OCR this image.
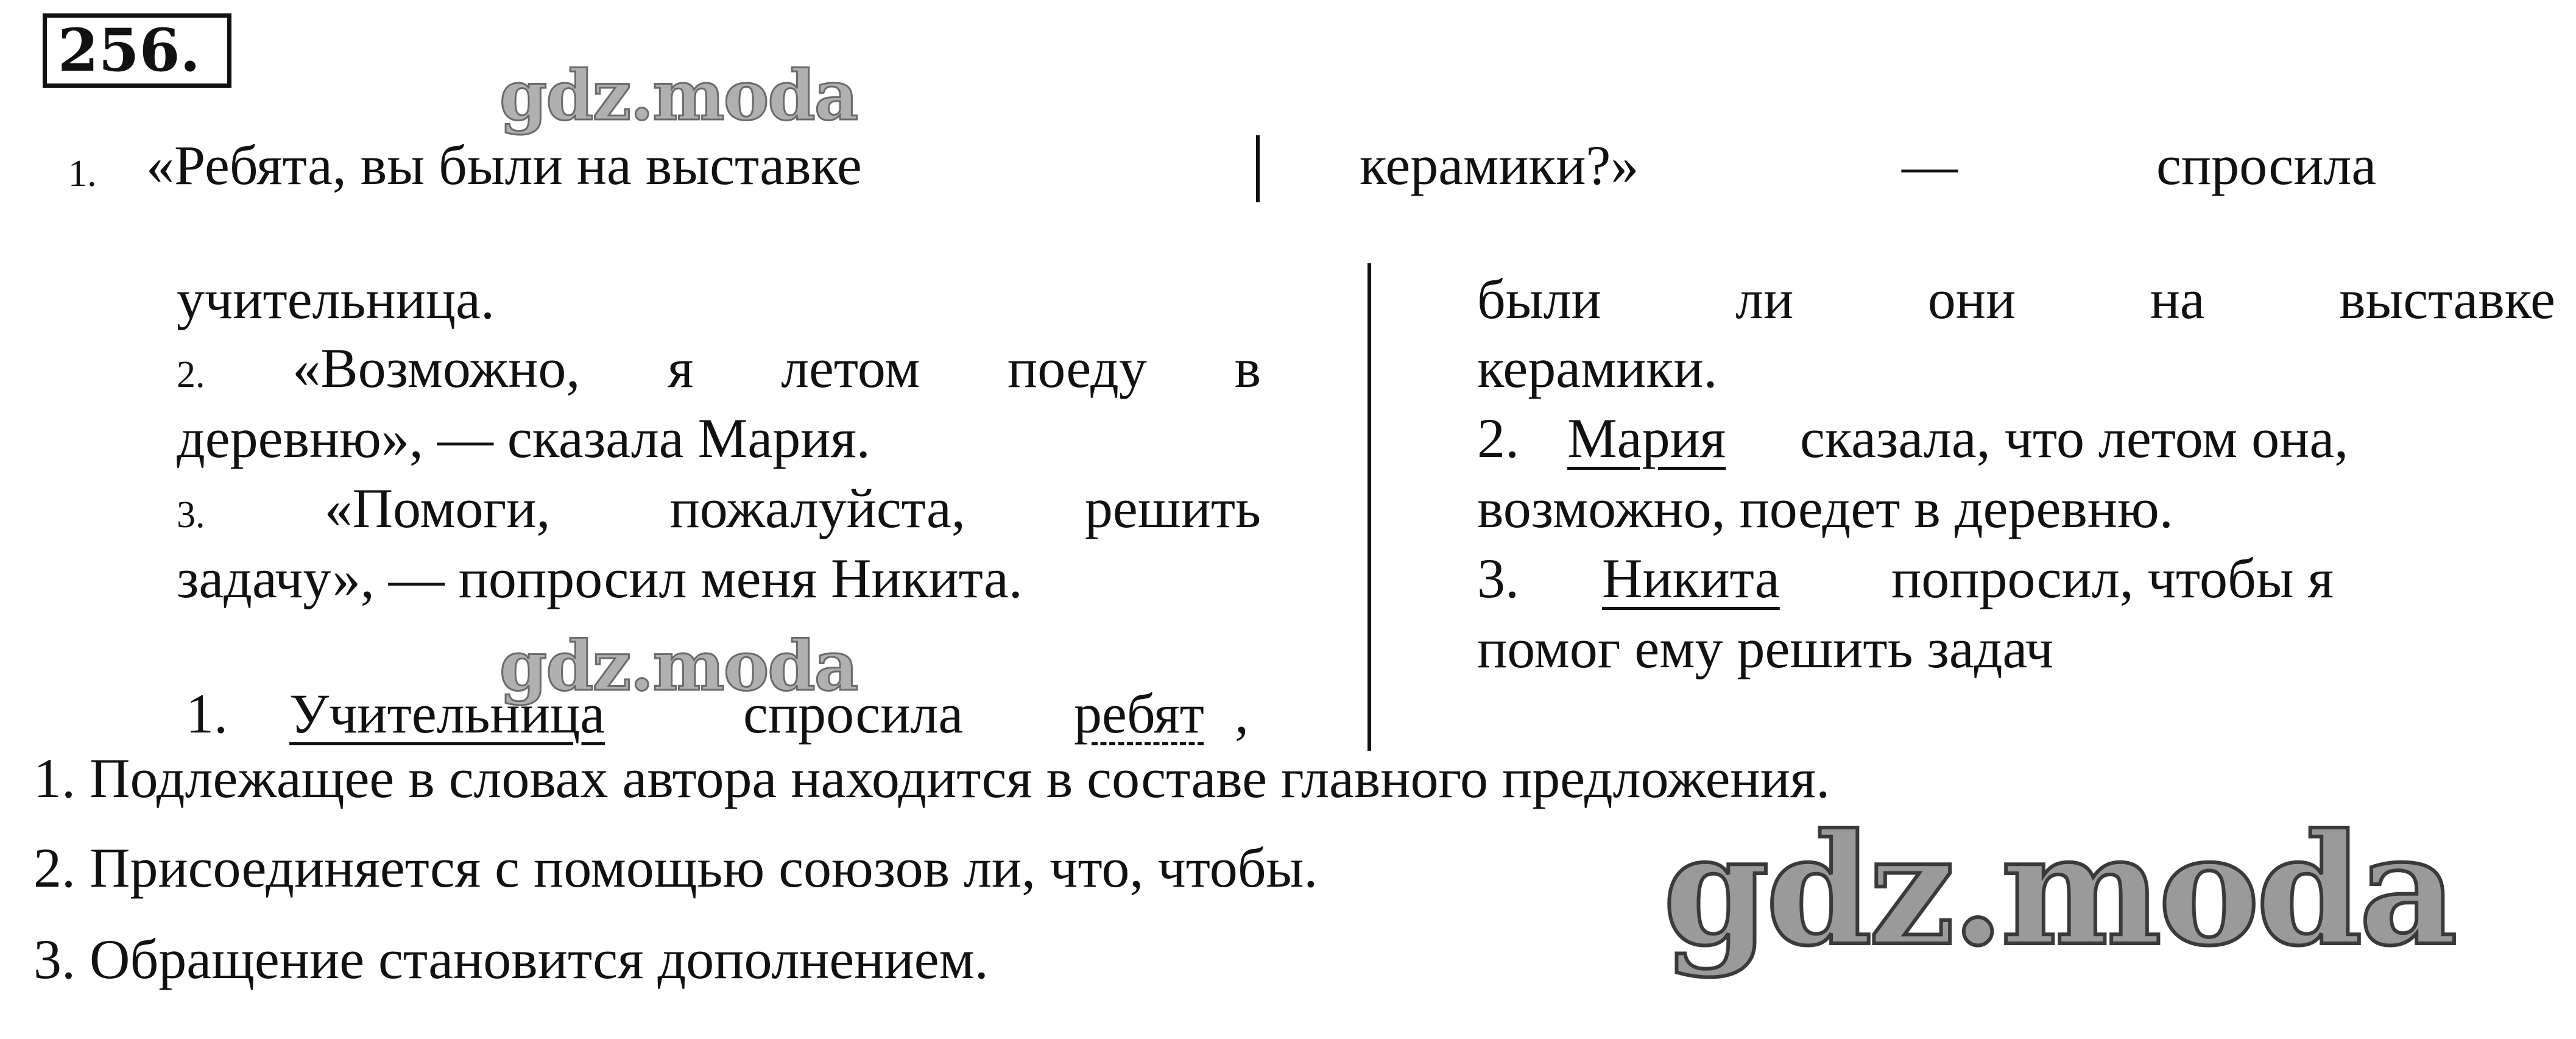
256.
gdz.moda
1. «Ребята, вы были на выставке	керамики?»	—	спросила
учительница.
2. «Возможно, я летом поеду в
деревню», — сказала Мария.
3. «Помоги, пожалуйста, решить
задачу», — попросил меня Никита.
gdz.moda
1. Учительница спросила ребят ,
были ли они на выставке
керамики.
2. Мария сказала, что летом она,
возможно, поедет в деревню.
3. Никита попросил, чтобы я
помог ему решить задач
1. Подлежащее в словах автора находится в составе главного предложения.
2. Присоединяется с помощью союзов ли, что, чтобы.
3. Обращение становится дополнением.	gdz.moda
